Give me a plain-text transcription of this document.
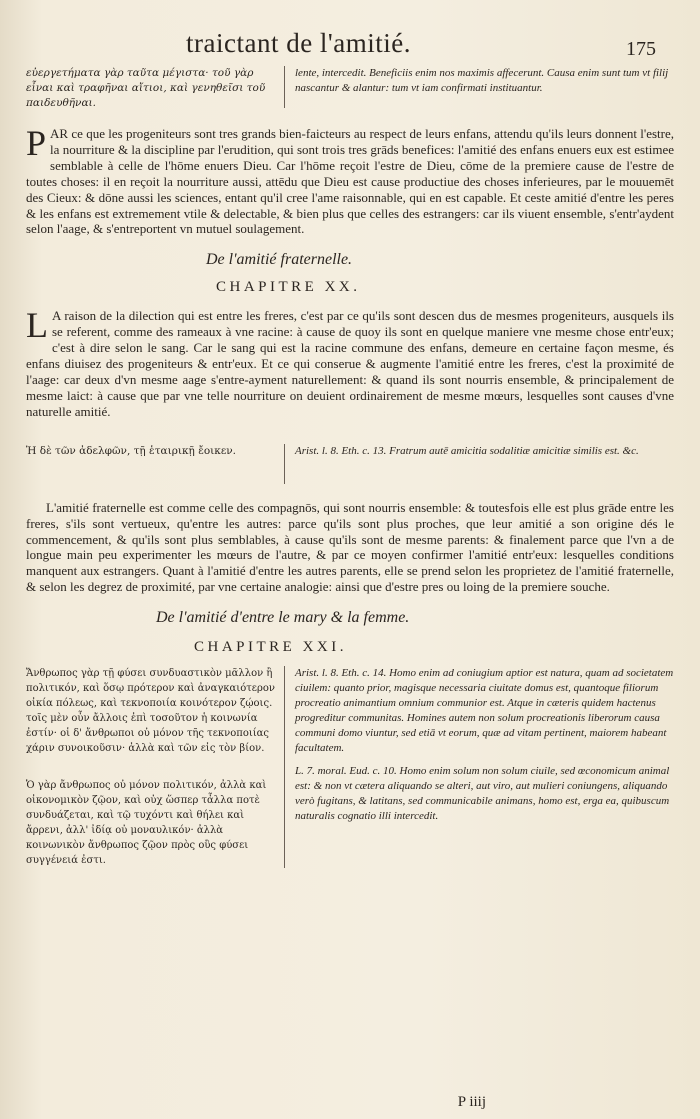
traictant de l'amitié.	175

εὐεργετήματα γὰρ ταῦτα μέγιστα· τοῦ γὰρ εἶναι καὶ τραφῆναι αἴτιοι, καὶ γενηθεῖσι τοῦ παιδευθῆναι.

lente, intercedit. Beneficiis enim nos maximis affecerunt. Causa enim sunt tum vt filij nascantur & alantur: tum vt iam confirmati instituantur.

P AR ce que les progeniteurs sont tres grands bien-faicteurs au respect de leurs enfans, attendu qu'ils leurs donnent l'estre, la nourriture & la discipline par l'erudition, qui sont trois tres grāds benefices: l'amitié des enfans enuers eux est estimee semblable à celle de l'hōme enuers Dieu. Car l'hōme reçoit l'estre de Dieu, cōme de la premiere cause de l'estre de toutes choses: il en reçoit la nourriture aussi, attēdu que Dieu est cause productiue des choses inferieures, par le mouuemēt des Cieux: & dōne aussi les sciences, entant qu'il cree l'ame raisonnable, qui en est capable. Et ceste amitié d'entre les peres & les enfans est extremement vtile & delectable, & bien plus que celles des estrangers: car ils viuent ensemble, s'entr'aydent selon l'aage, & s'entreportent vn mutuel soulagement.

De l'amitié fraternelle.

CHAPITRE XX.

L A raison de la dilection qui est entre les freres, c'est par ce qu'ils sont descen dus de mesmes progeniteurs, ausquels ils se referent, comme des rameaux à vne racine: à cause de quoy ils sont en quelque maniere vne mesme chose entr'eux; c'est à dire selon le sang. Car le sang qui est la racine commune des enfans, demeure en certaine façon mesme, és enfans diuisez des progeniteurs & entr'eux. Et ce qui conserue & augmente l'amitié entre les freres, c'est la proximité de l'aage: car deux d'vn mesme aage s'entre-ayment naturellement: & quand ils sont nourris ensemble, & principalement de mesme laict: à cause que par vne telle nourriture on deuient ordinairement de mesme mœurs, lesquelles sont causes d'vne naturelle amitié.

Ἡ δὲ τῶν ἀδελφῶν, τῇ ἑταιρικῇ ἔοικεν.	Arist. l. 8. Eth. c. 13. Fratrum autē amicitia sodalitiæ amicitiæ similis est. &c.

L'amitié fraternelle est comme celle des compagnōs, qui sont nourris ensemble: & toutesfois elle est plus grāde entre les freres, s'ils sont vertueux, qu'entre les autres: parce qu'ils sont plus proches, que leur amitié a son origine dés le commencement, & qu'ils sont plus semblables, à cause qu'ils sont de mesme parents: & finalement parce que l'vn a de longue main peu experimenter les mœurs de l'autre, & par ce moyen confirmer l'amitié entr'eux: lesquelles conditions manquent aux estrangers. Quant à l'amitié d'entre les autres parents, elle se prend selon les proprietez de l'amitié fraternelle, & selon les degrez de proximité, par vne certaine analogie: ainsi que d'estre pres ou loing de la premiere souche.

De l'amitié d'entre le mary & la femme.

CHAPITRE XXI.

Ἄνθρωπος γὰρ τῇ φύσει συνδυαστικὸν μᾶλλον ἢ πολιτικόν, καὶ ὅσῳ πρότερον καὶ ἀναγκαιότερον οἰκία πόλεως, καὶ τεκνοποιία κοινότερον ζῴοις. τοῖς μὲν οὖν ἄλλοις ἐπὶ τοσοῦτον ἡ κοινωνία ἐστίν· οἱ δ' ἄνθρωποι οὐ μόνον τῆς τεκνοποιίας χάριν συνοικοῦσιν· ἀλλὰ καὶ τῶν εἰς τὸν βίον.

Ὁ γὰρ ἄνθρωπος οὐ μόνον πολιτικόν, ἀλλὰ καὶ οἰκονομικὸν ζῷον, καὶ οὐχ ὥσπερ τἆλλα ποτὲ συνδυάζεται, καὶ τῷ τυχόντι καὶ θήλει καὶ ἄρρενι, ἀλλ' ἰδίᾳ οὐ μοναυλικόν· ἀλλὰ κοινωνικὸν ἄνθρωπος ζῷον πρὸς οὓς φύσει συγγένειά ἐστι.

Arist. l. 8. Eth. c. 14. Homo enim ad coniugium aptior est natura, quam ad societatem ciuilem: quanto prior, magisque necessaria ciuitate domus est, quantoque filiorum procreatio animantium omnium communior est. Atque in cæteris quidem hactenus progreditur communitas. Homines autem non solum procreationis liberorum causa communi domo viuntur, sed etiā vt eorum, quæ ad vitam pertinent, maiorem habeant facultatem.

L. 7. moral. Eud. c. 10. Homo enim solum non solum ciuile, sed œconomicum animal est: & non vt cætera aliquando se alteri, aut viro, aut mulieri coniungens, aliquando verò fugitans, & latitans, sed communicabile animans, homo est, erga ea, quibuscum naturalis cognatio illi intercedit.

P iiij
